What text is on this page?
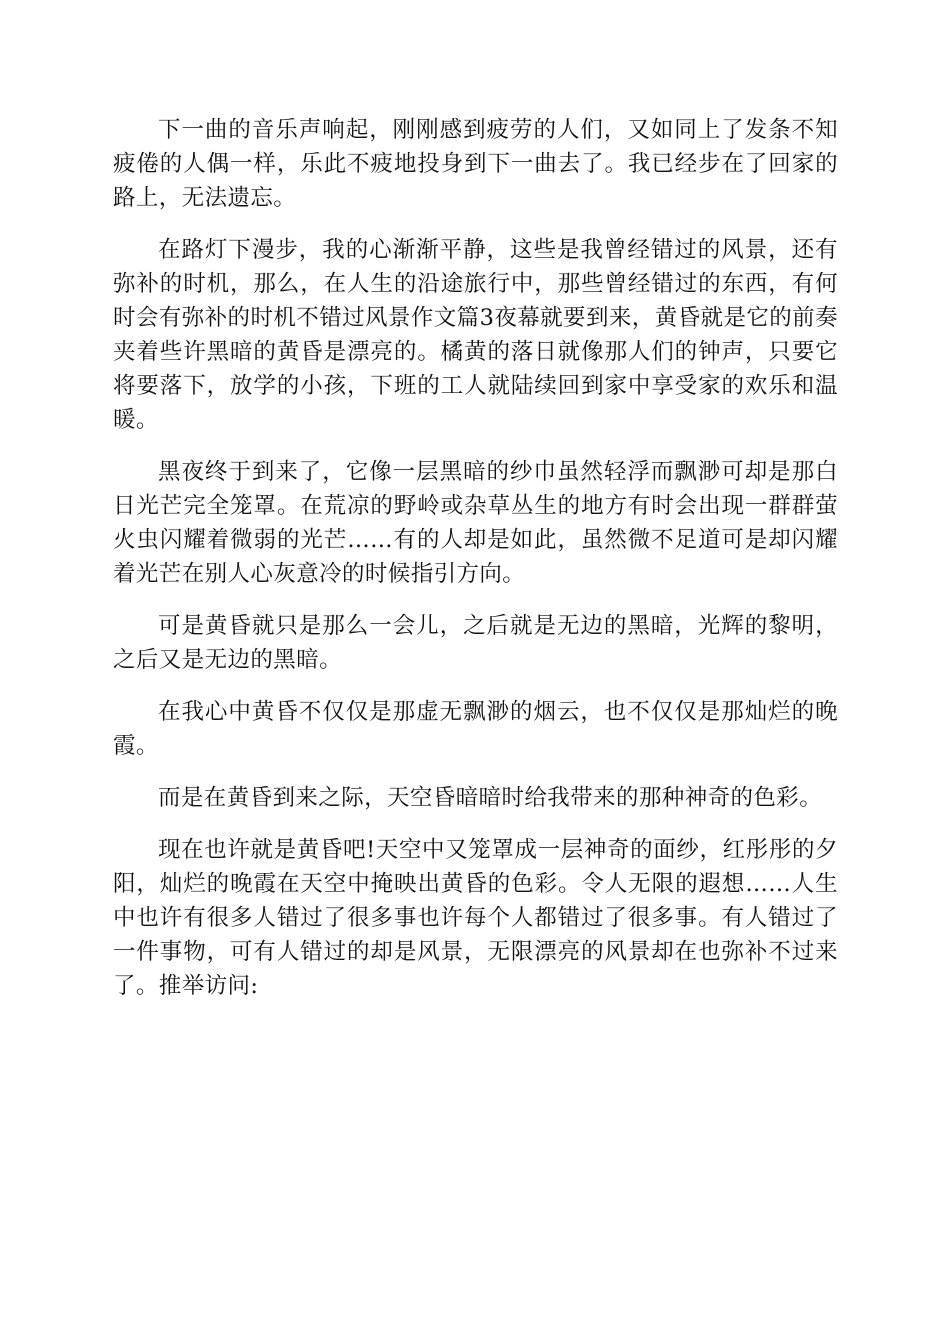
下一曲的音乐声响起，刚刚感到疲劳的人们，又如同上了发条不知疲倦的人偶一样，乐此不疲地投身到下一曲去了。我已经步在了回家的路上，无法遗忘。

在路灯下漫步，我的心渐渐平静，这些是我曾经错过的风景，还有弥补的时机，那么，在人生的沿途旅行中，那些曾经错过的东西，有何时会有弥补的时机不错过风景作文篇3夜幕就要到来，黄昏就是它的前奏夹着些许黑暗的黄昏是漂亮的。橘黄的落日就像那人们的钟声，只要它将要落下，放学的小孩，下班的工人就陆续回到家中享受家的欢乐和温暖。

黑夜终于到来了，它像一层黑暗的纱巾虽然轻浮而飘渺可却是那白日光芒完全笼罩。在荒凉的野岭或杂草丛生的地方有时会出现一群群萤火虫闪耀着微弱的光芒……有的人却是如此，虽然微不足道可是却闪耀着光芒在别人心灰意冷的时候指引方向。

可是黄昏就只是那么一会儿，之后就是无边的黑暗，光辉的黎明，之后又是无边的黑暗。

在我心中黄昏不仅仅是那虚无飘渺的烟云，也不仅仅是那灿烂的晚霞。

而是在黄昏到来之际，天空昏暗暗时给我带来的那种神奇的色彩。

现在也许就是黄昏吧!天空中又笼罩成一层神奇的面纱，红彤彤的夕阳，灿烂的晚霞在天空中掩映出黄昏的色彩。令人无限的遐想……人生中也许有很多人错过了很多事也许每个人都错过了很多事。有人错过了一件事物，可有人错过的却是风景，无限漂亮的风景却在也弥补不过来了。推举访问:
